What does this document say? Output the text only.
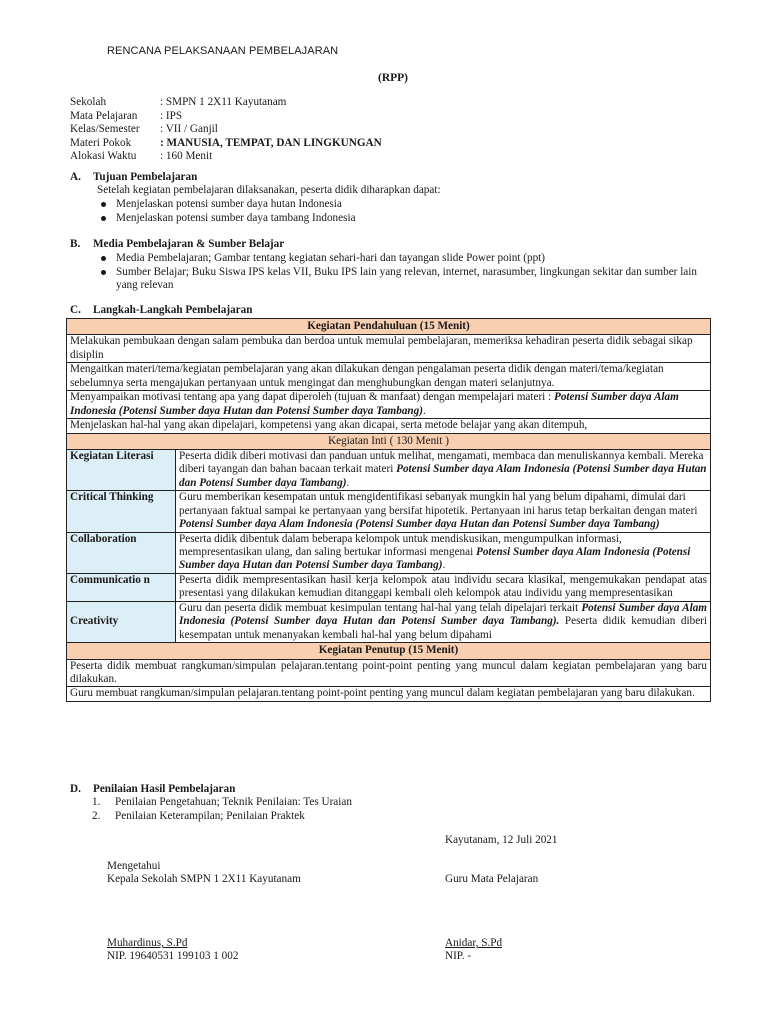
RENCANA PELAKSANAAN PEMBELAJARAN
(RPP)
Sekolah	: SMPN 1 2X11 Kayutanam
Mata Pelajaran	: IPS
Kelas/Semester	: VII / Ganjil
Materi Pokok	: MANUSIA, TEMPAT, DAN LINGKUNGAN
Alokasi Waktu	: 160 Menit
A. Tujuan Pembelajaran
Setelah kegiatan pembelajaran dilaksanakan, peserta didik diharapkan dapat:
Menjelaskan potensi sumber daya hutan Indonesia
Menjelaskan potensi sumber daya tambang Indonesia
B. Media Pembelajaran & Sumber Belajar
Media Pembelajaran; Gambar tentang kegiatan sehari-hari dan tayangan slide Power point (ppt)
Sumber Belajar; Buku Siswa IPS kelas VII, Buku IPS lain yang relevan, internet, narasumber, lingkungan sekitar dan sumber lain yang relevan
C. Langkah-Langkah Pembelajaran
Kegiatan Pendahuluan (15 Menit)	
Melakukan pembukaan dengan salam pembuka dan berdoa untuk memulai pembelajaran, memeriksa kehadiran peserta didik sebagai sikap disiplin	
Mengaitkan materi/tema/kegiatan pembelajaran yang akan dilakukan dengan pengalaman peserta didik dengan materi/tema/kegiatan sebelumnya serta mengajukan pertanyaan untuk mengingat dan menghubungkan dengan materi selanjutnya.	
Menyampaikan motivasi tentang apa yang dapat diperoleh (tujuan & manfaat) dengan mempelajari materi : Potensi Sumber daya Alam Indonesia (Potensi Sumber daya Hutan dan Potensi Sumber daya Tambang).	
Menjelaskan hal-hal yang akan dipelajari, kompetensi yang akan dicapai, serta metode belajar yang akan ditempuh,	
Kegiatan Inti ( 130 Menit )	
Kegiatan Literasi	Peserta didik diberi motivasi dan panduan untuk melihat, mengamati, membaca dan menuliskannya kembali. Mereka diberi tayangan dan bahan bacaan terkait materi Potensi Sumber daya Alam Indonesia (Potensi Sumber daya Hutan dan Potensi Sumber daya Tambang).
Critical Thinking	Guru memberikan kesempatan untuk mengidentifikasi sebanyak mungkin hal yang belum dipahami, dimulai dari pertanyaan faktual sampai ke pertanyaan yang bersifat hipotetik. Pertanyaan ini harus tetap berkaitan dengan materi Potensi Sumber daya Alam Indonesia (Potensi Sumber daya Hutan dan Potensi Sumber daya Tambang)
Collaboration	Peserta didik dibentuk dalam beberapa kelompok untuk mendiskusikan, mengumpulkan informasi, mempresentasikan ulang, dan saling bertukar informasi mengenai Potensi Sumber daya Alam Indonesia (Potensi Sumber daya Hutan dan Potensi Sumber daya Tambang).
Communicatio n	Peserta didik mempresentasikan hasil kerja kelompok atau individu secara klasikal, mengemukakan pendapat atas presentasi yang dilakukan kemudian ditanggapi kembali oleh kelompok atau individu yang mempresentasikan
Creativity	Guru dan peserta didik membuat kesimpulan tentang hal-hal yang telah dipelajari terkait Potensi Sumber daya Alam Indonesia (Potensi Sumber daya Hutan dan Potensi Sumber daya Tambang). Peserta didik kemudian diberi kesempatan untuk menanyakan kembali hal-hal yang belum dipahami
Kegiatan Penutup (15 Menit)	
Peserta didik membuat rangkuman/simpulan pelajaran.tentang point-point penting yang muncul dalam kegiatan pembelajaran yang baru dilakukan.	
Guru membuat rangkuman/simpulan pelajaran.tentang point-point penting yang muncul dalam kegiatan pembelajaran yang baru dilakukan.	
D. Penilaian Hasil Pembelajaran
1.	Penilaian Pengetahuan; Teknik Penilaian: Tes Uraian
2.	Penilaian Keterampilan; Penilaian Praktek
Kayutanam, 12 Juli 2021
Mengetahui
Kepala Sekolah SMPN 1 2X11 Kayutanam	Guru Mata Pelajaran
Muhardinus, S.Pd
NIP. 19640531 199103 1 002
Anidar, S.Pd
NIP. -
